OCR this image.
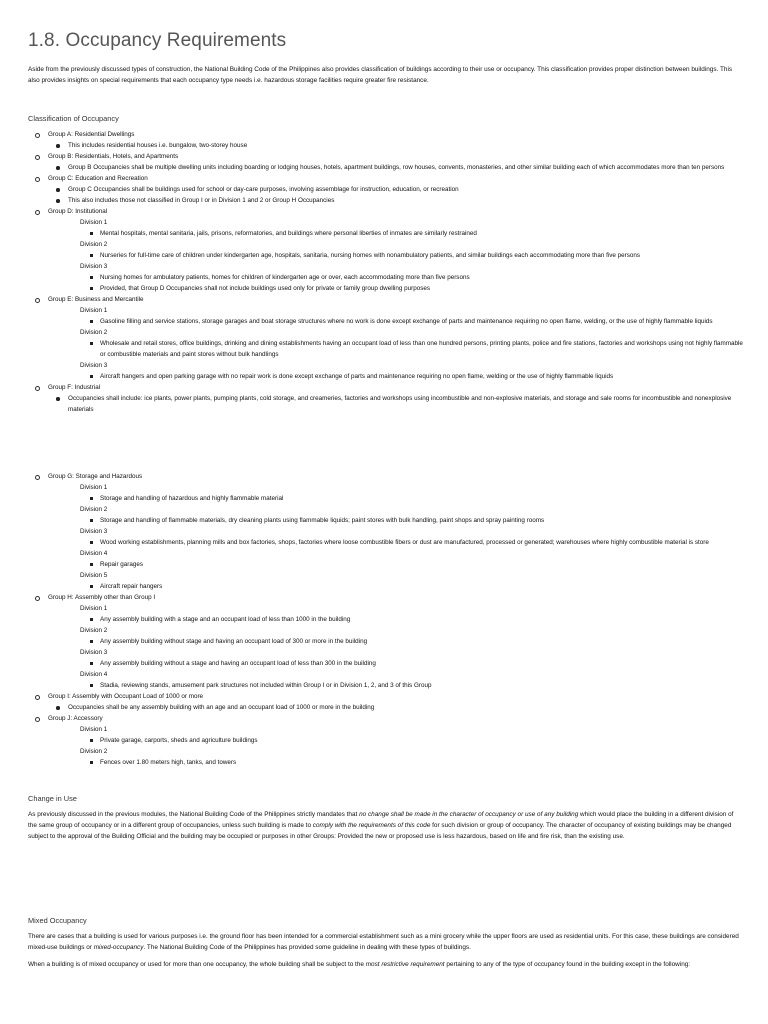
1.8. Occupancy Requirements

Aside from the previously discussed types of construction, the National Building Code of the Philippines also provides classification of buildings according to their use or occupancy. This classification provides proper distinction between buildings. This also provides insights on special requirements that each occupancy type needs i.e. hazardous storage facilities require greater fire resistance.

Classification of Occupancy
Group A: Residential Dwellings
This includes residential houses i.e. bungalow, two-storey house
Group B: Residentials, Hotels, and Apartments
Group B Occupancies shall be multiple dwelling units including boarding or lodging houses, hotels, apartment buildings, row houses, convents, monasteries, and other similar building each of which accommodates more than ten persons
Group C: Education and Recreation
Group C Occupancies shall be buildings used for school or day-care purposes, involving assemblage for instruction, education, or recreation
This also includes those not classified in Group I or in Division 1 and 2 or Group H Occupancies
Group D: Institutional
Division 1
Mental hospitals, mental sanitaria, jails, prisons, reformatories, and buildings where personal liberties of inmates are similarly restrained
Division 2
Nurseries for full-time care of children under kindergarten age, hospitals, sanitaria, nursing homes with nonambulatory patients, and similar buildings each accommodating more than five persons
Division 3
Nursing homes for ambulatory patients, homes for children of kindergarten age or over, each accommodating more than five persons
Provided, that Group D Occupancies shall not include buildings used only for private or family group dwelling purposes
Group E: Business and Mercantile
Division 1
Gasoline filling and service stations, storage garages and boat storage structures where no work is done except exchange of parts and maintenance requiring no open flame, welding, or the use of highly flammable liquids
Division 2
Wholesale and retail stores, office buildings, drinking and dining establishments having an occupant load of less than one hundred persons, printing plants, police and fire stations, factories and workshops using not highly flammable or combustible materials and paint stores without bulk handlings
Division 3
Aircraft hangers and open parking garage with no repair work is done except exchange of parts and maintenance requiring no open flame, welding or the use of highly flammable liquids
Group F: Industrial
Occupancies shall include: ice plants, power plants, pumping plants, cold storage, and creameries, factories and workshops using incombustible and non-explosive materials, and storage and sale rooms for incombustible and nonexplosive materials
Group G: Storage and Hazardous
Division 1
Storage and handling of hazardous and highly flammable material
Division 2
Storage and handling of flammable materials, dry cleaning plants using flammable liquids; paint stores with bulk handling, paint shops and spray painting rooms
Division 3
Wood working establishments, planning mills and box factories, shops, factories where loose combustible fibers or dust are manufactured, processed or generated; warehouses where highly combustible material is store
Division 4
Repair garages
Division 5
Aircraft repair hangers
Group H: Assembly other than Group I
Division 1
Any assembly building with a stage and an occupant load of less than 1000 in the building
Division 2
Any assembly building without stage and having an occupant load of 300 or more in the building
Division 3
Any assembly building without a stage and having an occupant load of less than 300 in the building
Division 4
Stadia, reviewing stands, amusement park structures not included within Group I or in Division 1, 2, and 3 of this Group
Group I: Assembly with Occupant Load of 1000 or more
Occupancies shall be any assembly building with an age and an occupant load of 1000 or more in the building
Group J: Accessory
Division 1
Private garage, carports, sheds and agriculture buildings
Division 2
Fences over 1.80 meters high, tanks, and towers
Change in Use

As previously discussed in the previous modules, the National Building Code of the Philippines strictly mandates that no change shall be made in the character of occupancy or use of any building which would place the building in a different division of the same group of occupancy or in a different group of occupancies, unless such building is made to comply with the requirements of this code for such division or group of occupancy. The character of occupancy of existing buildings may be changed subject to the approval of the Building Official and the building may be occupied or purposes in other Groups: Provided the new or proposed use is less hazardous, based on life and fire risk, than the existing use.

Mixed Occupancy

There are cases that a building is used for various purposes i.e. the ground floor has been intended for a commercial establishment such as a mini grocery while the upper floors are used as residential units. For this case, these buildings are considered mixed-use buildings or mixed-occupancy. The National Building Code of the Philippines has provided some guideline in dealing with these types of buildings.

When a building is of mixed occupancy or used for more than one occupancy, the whole building shall be subject to the most restrictive requirement pertaining to any of the type of occupancy found in the building except in the following:
